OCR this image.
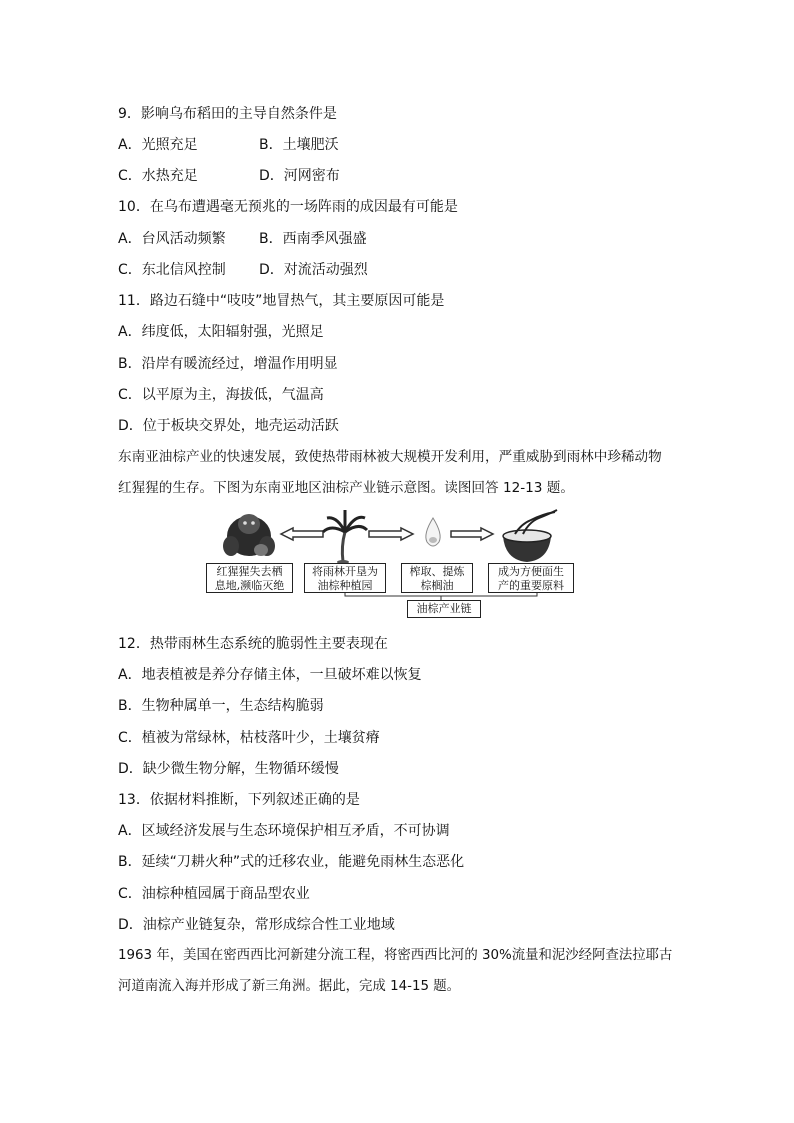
9．影响乌布稻田的主导自然条件是
A．光照充足	B．土壤肥沃
C．水热充足	D．河网密布
10．在乌布遭遇毫无预兆的一场阵雨的成因最有可能是
A．台风活动频繁 B．西南季风强盛
C．东北信风控制 D．对流活动强烈
11．路边石缝中“吱吱”地冒热气，其主要原因可能是
A．纬度低，太阳辐射强，光照足
B．沿岸有暖流经过，增温作用明显
C．以平原为主，海拔低，气温高
D．位于板块交界处，地壳运动活跃
东南亚油棕产业的快速发展，致使热带雨林被大规模开发利用，严重威胁到雨林中珍稀动物
红猩猩的生存。下图为东南亚地区油棕产业链示意图。读图回答 12-13 题。
红猩猩失去栖
息地,濒临灭绝
将雨林开垦为
油棕种植园
榨取、提炼
棕榈油
成为方便面生
产的重要原料
油棕产业链
12．热带雨林生态系统的脆弱性主要表现在
A．地表植被是养分存储主体，一旦破坏难以恢复
B．生物种属单一，生态结构脆弱
C．植被为常绿林，枯枝落叶少，土壤贫瘠
D．缺少微生物分解，生物循环缓慢
13．依据材料推断，下列叙述正确的是
A．区域经济发展与生态环境保护相互矛盾，不可协调
B．延续“刀耕火种”式的迁移农业，能避免雨林生态恶化
C．油棕种植园属于商品型农业
D．油棕产业链复杂，常形成综合性工业地域
1963 年，美国在密西西比河新建分流工程，将密西西比河的 30%流量和泥沙经阿查法拉耶古
河道南流入海并形成了新三角洲。据此，完成 14-15 题。
